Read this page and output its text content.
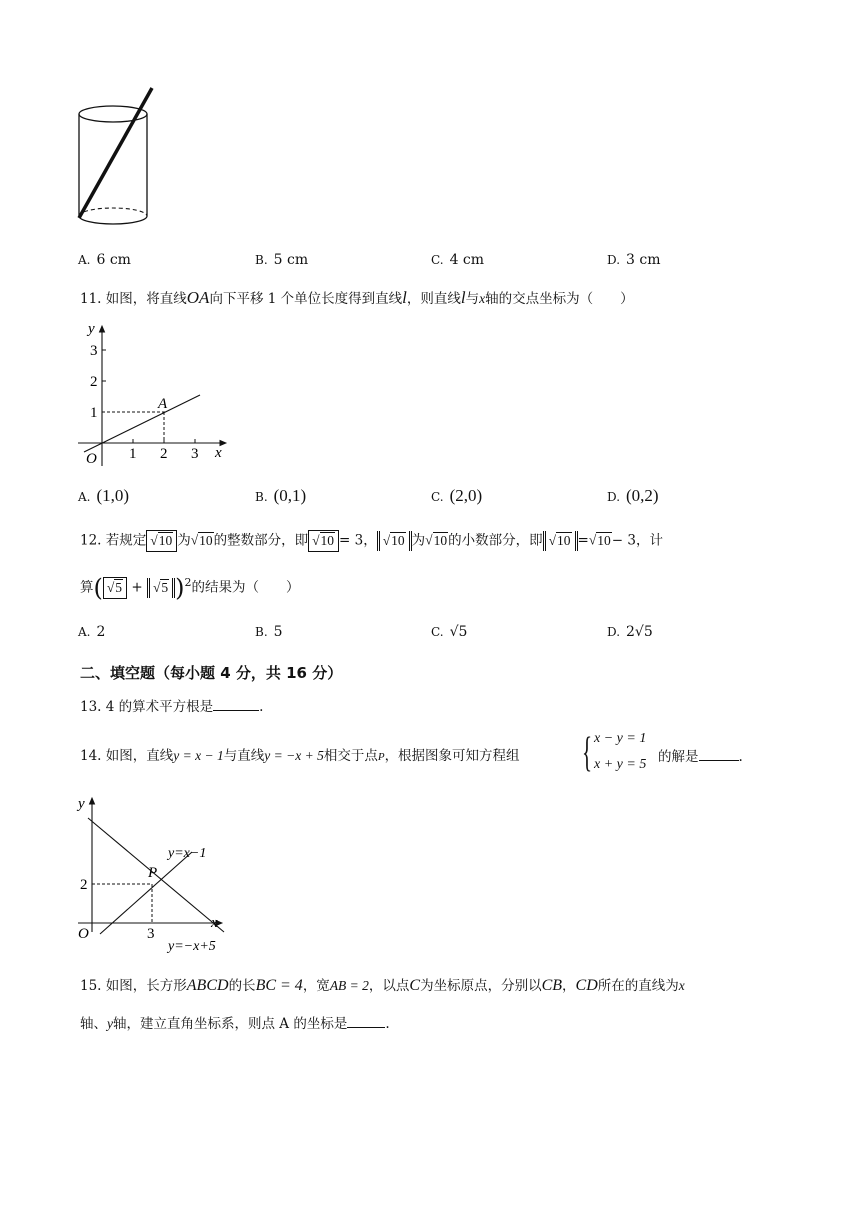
A. 6 cm	B. 5 cm	C. 4 cm	D. 3 cm
11. 如图，将直线OA向下平移 1 个单位长度得到直线l，则直线l与x轴的交点坐标为（　　）
y
x
O
A
3
2
1
1 2 3
A. (1,0)	B. (0,1)	C. (2,0)	D. (0,2)
12. 若规定 √10 为√10的整数部分，即 √10 = 3， √10 为√10的小数部分，即 √10 =√10− 3，计
算( √5 + √5 )$^2$的结果为（　　）
A. 2	B. 5	C. √5	D. 2√5
二、填空题（每小题 4 分，共 16 分）
13. 4 的算术平方根是	.
14. 如图，直线y = x − 1与直线y = −x + 5相交于点P，根据图象可知方程组 { x − y = 1
x + y = 5 的解是	.
y
x
O
P
y=x−1
y=−x+5
2
3
15. 如图，长方形ABCD的长BC = 4，宽AB = 2，以点C为坐标原点，分别以CB，CD所在的直线为x
轴、y轴，建立直角坐标系，则点 A 的坐标是	.
